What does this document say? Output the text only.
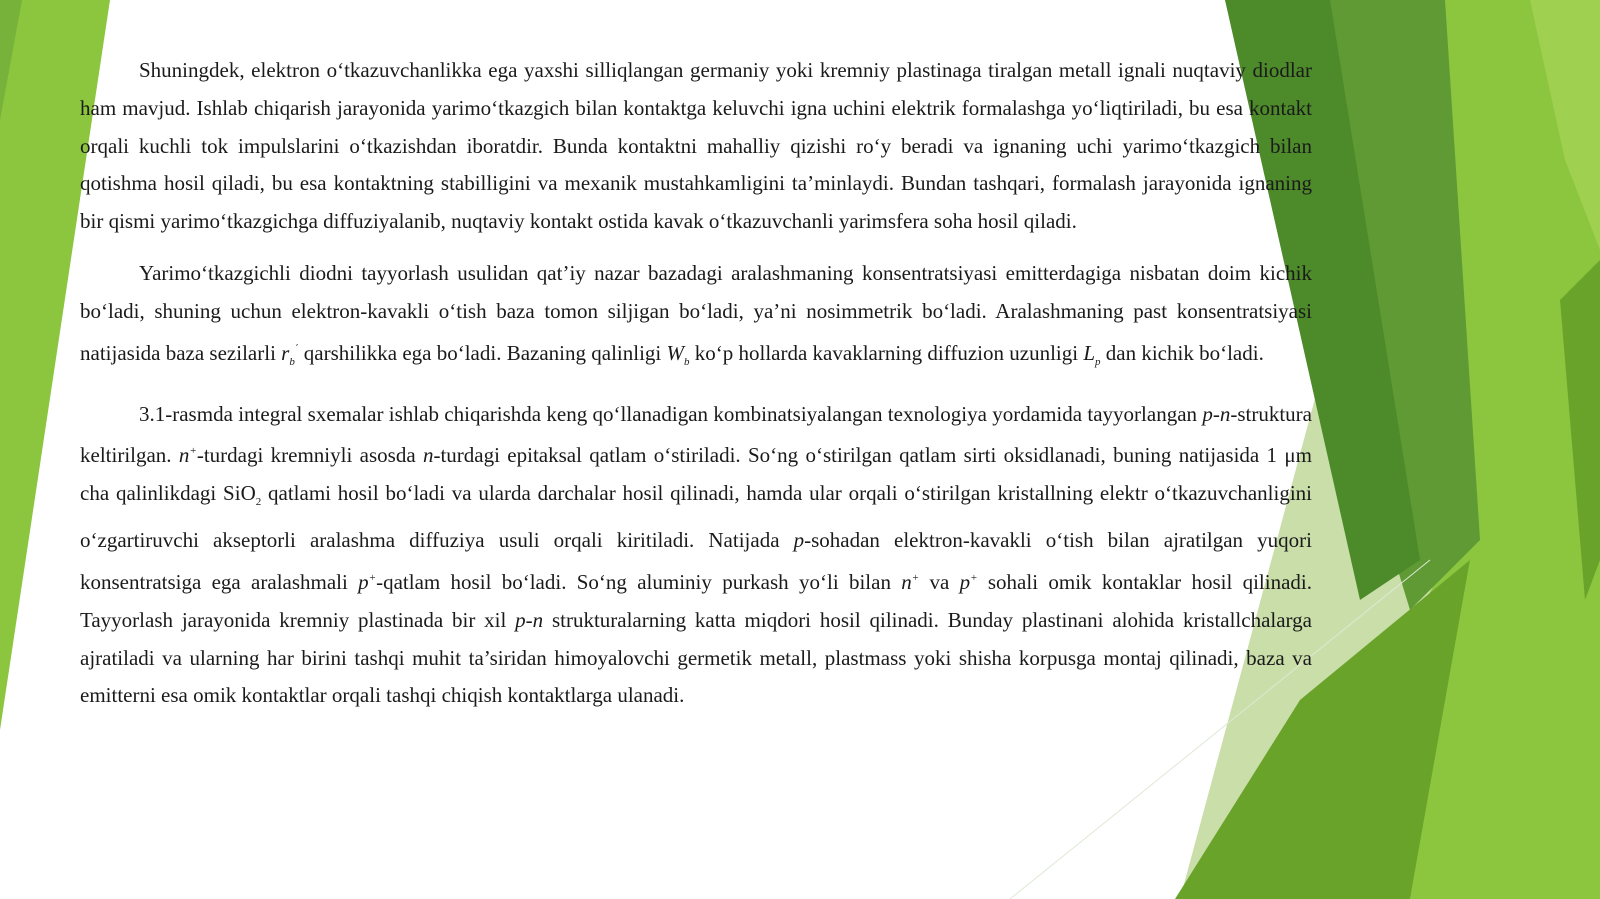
Shuningdek, elektron o‘tkazuvchanlikka ega yaxshi silliqlangan germaniy yoki kremniy plastinaga tiralgan metall ignali nuqtaviy diodlar ham mavjud. Ishlab chiqarish jarayonida yarimo‘tkazgich bilan kontaktga keluvchi igna uchini elektrik formalashga yo‘liqtiriladi, bu esa kontakt orqali kuchli tok impulslarini o‘tkazishdan iboratdir. Bunda kontaktni mahalliy qizishi ro‘y beradi va ignaning uchi yarimo‘tkazgich bilan qotishma hosil qiladi, bu esa kontaktning stabilligini va mexanik mustahkamligini ta’minlaydi. Bundan tashqari, formalash jarayonida ignaning bir qismi yarimo‘tkazgichga diffuziyalanib, nuqtaviy kontakt ostida kavak o‘tkazuvchanli yarimsfera soha hosil qiladi.

Yarimo‘tkazgichli diodni tayyorlash usulidan qat’iy nazar bazadagi aralashmaning konsentratsiyasi emitterdagiga nisbatan doim kichik bo‘ladi, shuning uchun elektron-kavakli o‘tish baza tomon siljigan bo‘ladi, ya’ni nosimmetrik bo‘ladi. Aralashmaning past konsentratsiyasi natijasida baza sezilarli $r_b^΄$ qarshilikka ega bo‘ladi. Bazaning qalinligi $W_b$ ko‘p hollarda kavaklarning diffuzion uzunligi $L_p$ dan kichik bo‘ladi.

3.1-rasmda integral sxemalar ishlab chiqarishda keng qo‘llanadigan kombinatsiyalangan texnologiya yordamida tayyorlangan p-n-struktura keltirilgan. n+-turdagi kremniyli asosda n-turdagi epitaksal qatlam o‘stiriladi. So‘ng o‘stirilgan qatlam sirti oksidlanadi, buning natijasida 1 μm cha qalinlikdagi SiO$_2$ qatlami hosil bo‘ladi va ularda darchalar hosil qilinadi, hamda ular orqali o‘stirilgan kristallning elektr o‘tkazuvchanligini o‘zgartiruvchi akseptorli aralashma diffuziya usuli orqali kiritiladi. Natijada p-sohadan elektron-kavakli o‘tish bilan ajratilgan yuqori konsentratsiga ega aralashmali p+-qatlam hosil bo‘ladi. So‘ng aluminiy purkash yo‘li bilan n+ va p+ sohali omik kontaklar hosil qilinadi. Tayyorlash jarayonida kremniy plastinada bir xil p-n strukturalarning katta miqdori hosil qilinadi. Bunday plastinani alohida kristallchalarga ajratiladi va ularning har birini tashqi muhit ta’siridan himoyalovchi germetik metall, plastmass yoki shisha korpusga montaj qilinadi, baza va emitterni esa omik kontaktlar orqali tashqi chiqish kontaktlarga ulanadi.
